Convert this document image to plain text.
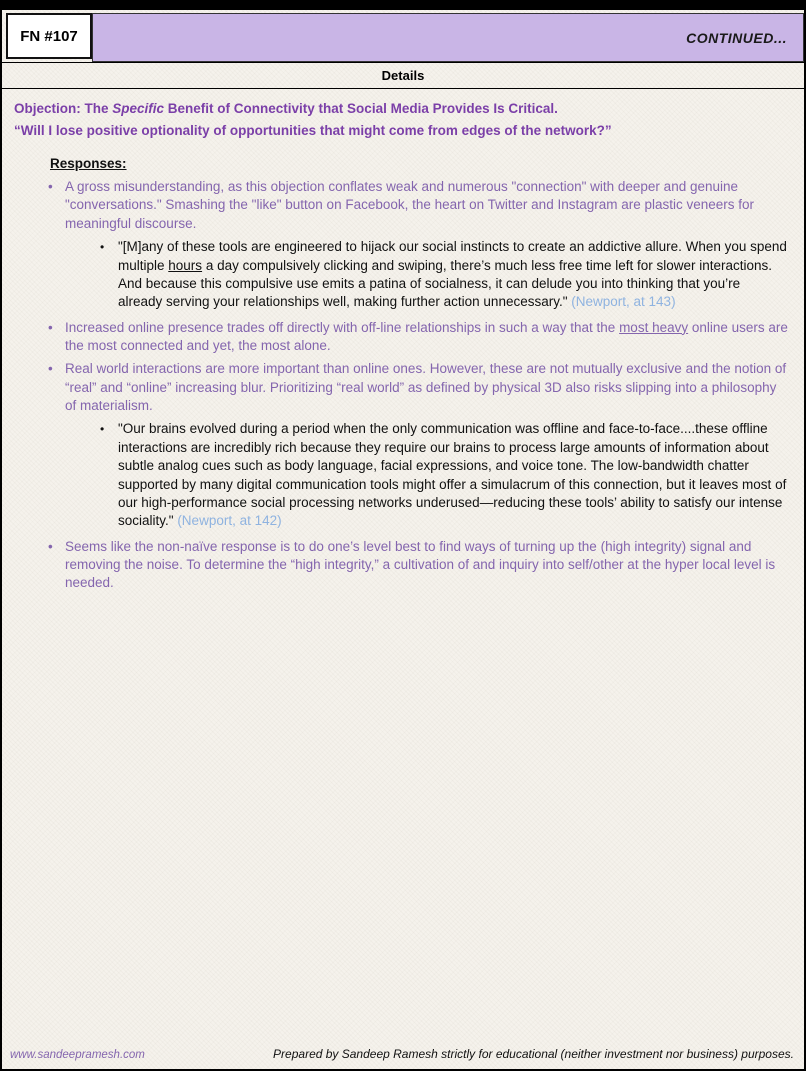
FN #107	CONTINUED...
Details
Objection: The Specific Benefit of Connectivity that Social Media Provides Is Critical.
“Will I lose positive optionality of opportunities that might come from edges of the network?”
Responses:
• A gross misunderstanding, as this objection conflates weak and numerous "connection" with deeper and genuine "conversations." Smashing the "like" button on Facebook, the heart on Twitter and Instagram are plastic veneers for meaningful discourse.
•	"[M]any of these tools are engineered to hijack our social instincts to create an addictive allure. When you spend multiple hours a day compulsively clicking and swiping, there’s much less free time left for slower interactions. And because this compulsive use emits a patina of socialness, it can delude you into thinking that you’re already serving your relationships well, making further action unnecessary." (Newport, at 143)
• Increased online presence trades off directly with off-line relationships in such a way that the most heavy online users are the most connected and yet, the most alone.
• Real world interactions are more important than online ones. However, these are not mutually exclusive and the notion of “real” and “online” increasing blur. Prioritizing “real world” as defined by physical 3D also risks slipping into a philosophy of materialism.
•	"Our brains evolved during a period when the only communication was offline and face-to-face....these offline interactions are incredibly rich because they require our brains to process large amounts of information about subtle analog cues such as body language, facial expressions, and voice tone. The low-bandwidth chatter supported by many digital communication tools might offer a simulacrum of this connection, but it leaves most of our high-performance social processing networks underused—reducing these tools’ ability to satisfy our intense sociality." (Newport, at 142)
• Seems like the non-naïve response is to do one’s level best to find ways of turning up the (high integrity) signal and removing the noise. To determine the “high integrity,” a cultivation of and inquiry into self/other at the hyper local level is needed.
www.sandeepramesh.com	Prepared by Sandeep Ramesh strictly for educational (neither investment nor business) purposes.
